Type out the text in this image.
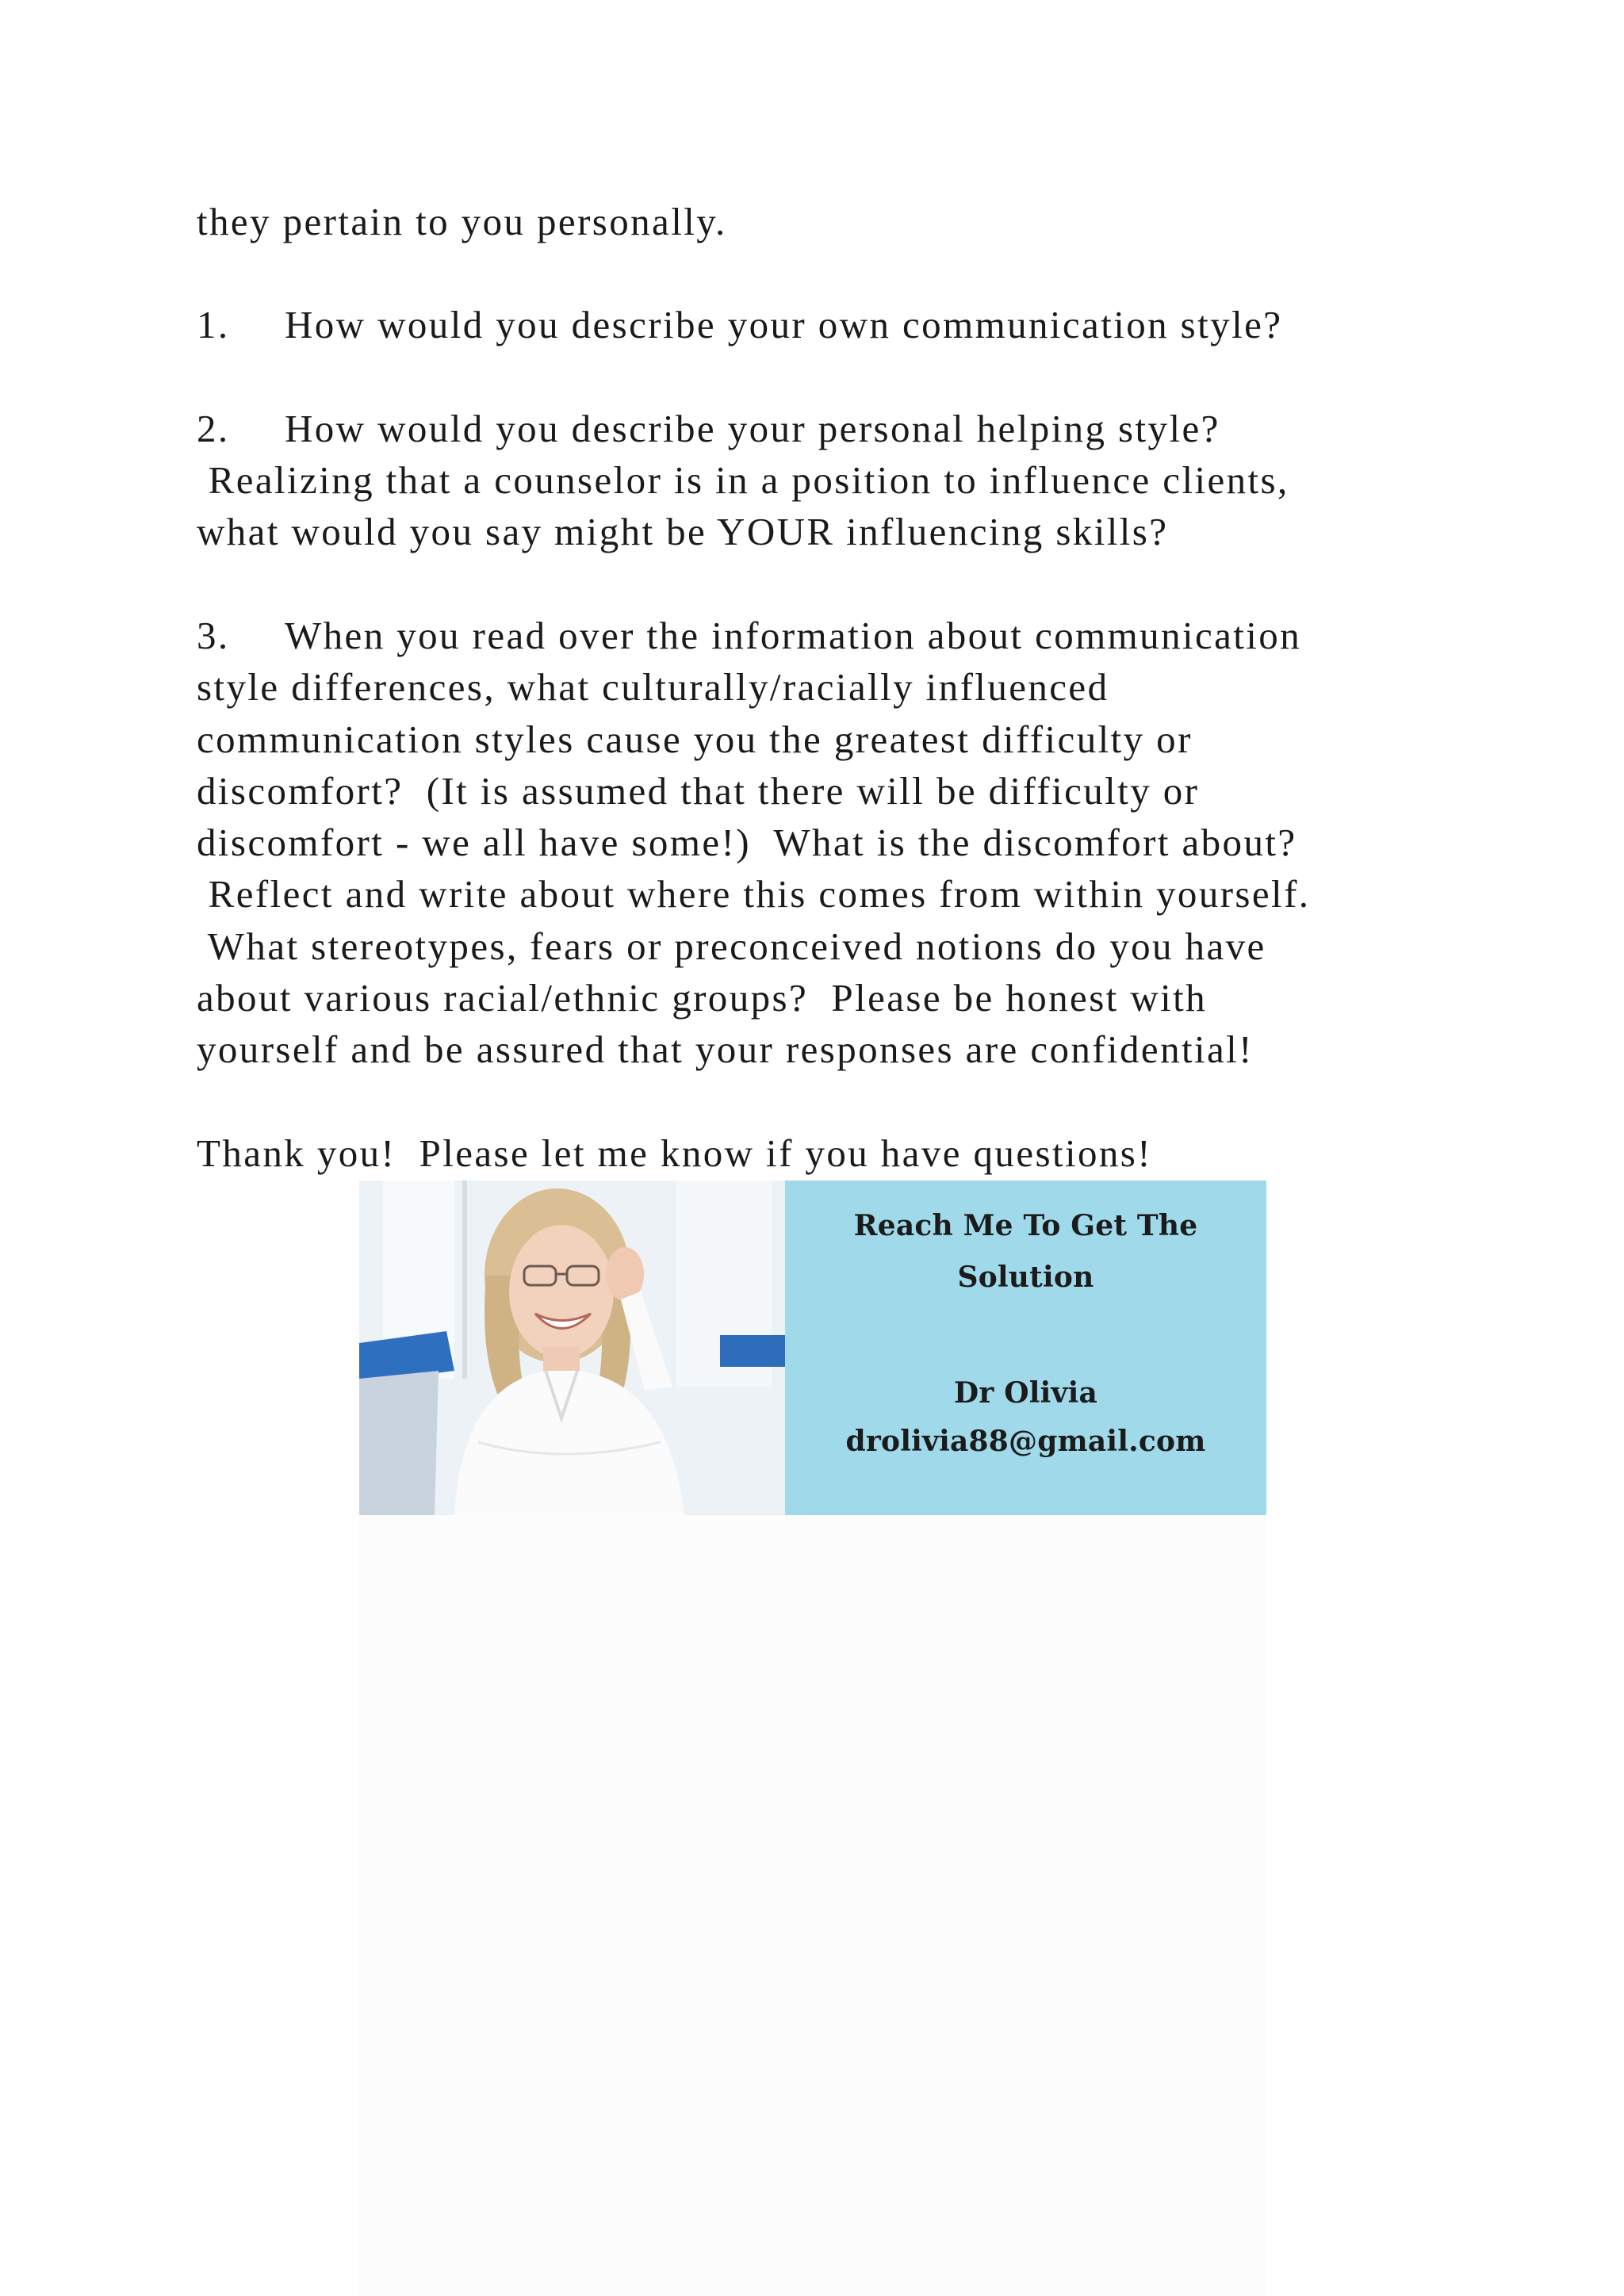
they pertain to you personally.
1. How would you describe your own communication style?
2. How would you describe your personal helping style?
Realizing that a counselor is in a position to influence clients,
what would you say might be YOUR influencing skills?
3. When you read over the information about communication
style differences, what culturally/racially influenced
communication styles cause you the greatest difficulty or
discomfort?  (It is assumed that there will be difficulty or
discomfort - we all have some!)  What is the discomfort about?
Reflect and write about where this comes from within yourself.
What stereotypes, fears or preconceived notions do you have
about various racial/ethnic groups?  Please be honest with
yourself and be assured that your responses are confidential!
Thank you!  Please let me know if you have questions!
Reach Me To Get The
Solution
Dr Olivia
drolivia88@gmail.com
